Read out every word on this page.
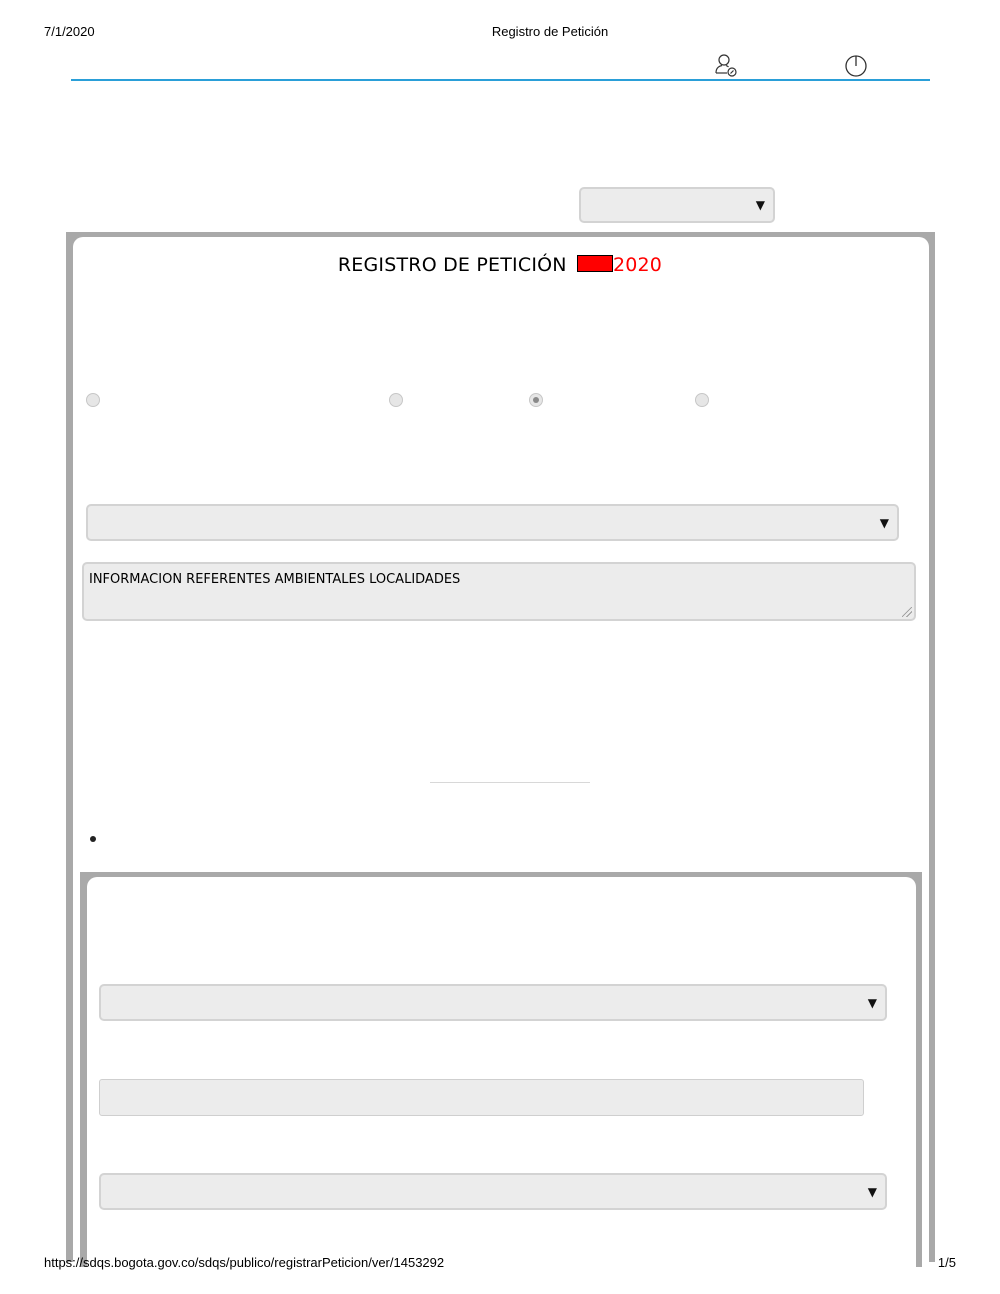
7/1/2020	Registro de Petición
▼
REGISTRO DE PETICIÓN 2020
▼
INFORMACION REFERENTES AMBIENTALES LOCALIDADES
▼
▼
https://sdqs.bogota.gov.co/sdqs/publico/registrarPeticion/ver/1453292	1/5
